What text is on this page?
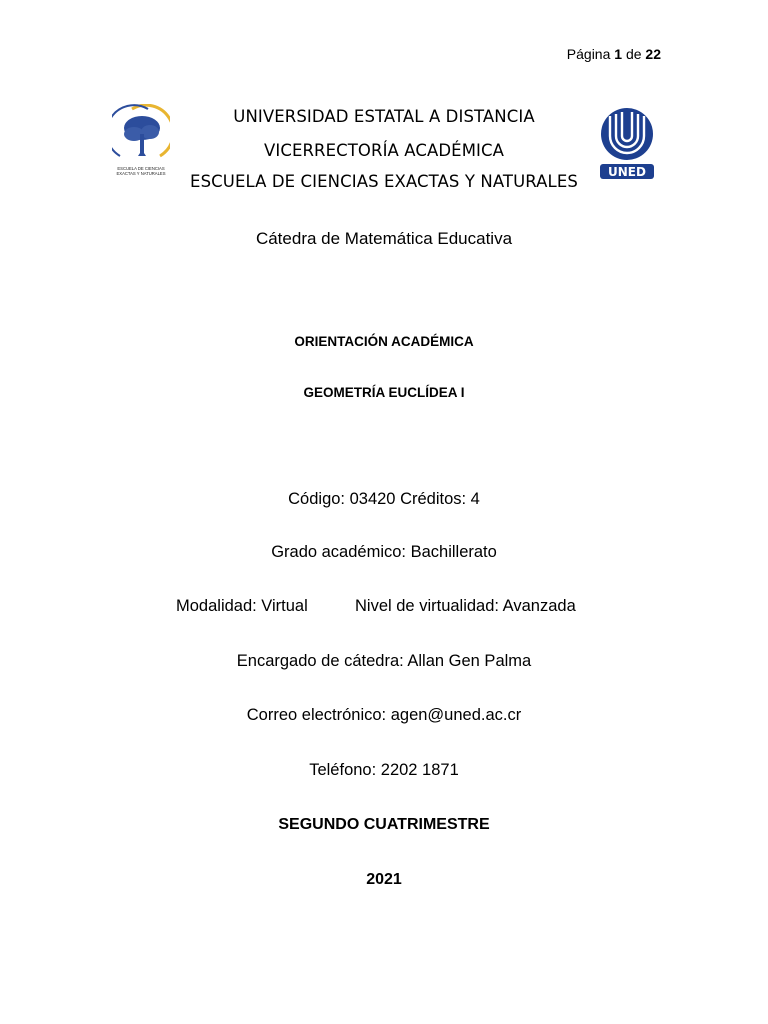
Página 1 de 22
ESCUELA DE CIENCIAS
EXACTAS Y NATURALES	UNED
UNIVERSIDAD ESTATAL A DISTANCIA
VICERRECTORÍA ACADÉMICA
ESCUELA DE CIENCIAS EXACTAS Y NATURALES
Cátedra de Matemática Educativa
ORIENTACIÓN ACADÉMICA
GEOMETRÍA EUCLÍDEA I
Código: 03420 Créditos: 4
Grado académico: Bachillerato
Modalidad: Virtual	Nivel de virtualidad: Avanzada
Encargado de cátedra: Allan Gen Palma
Correo electrónico: agen@uned.ac.cr
Teléfono: 2202 1871
SEGUNDO CUATRIMESTRE
2021
